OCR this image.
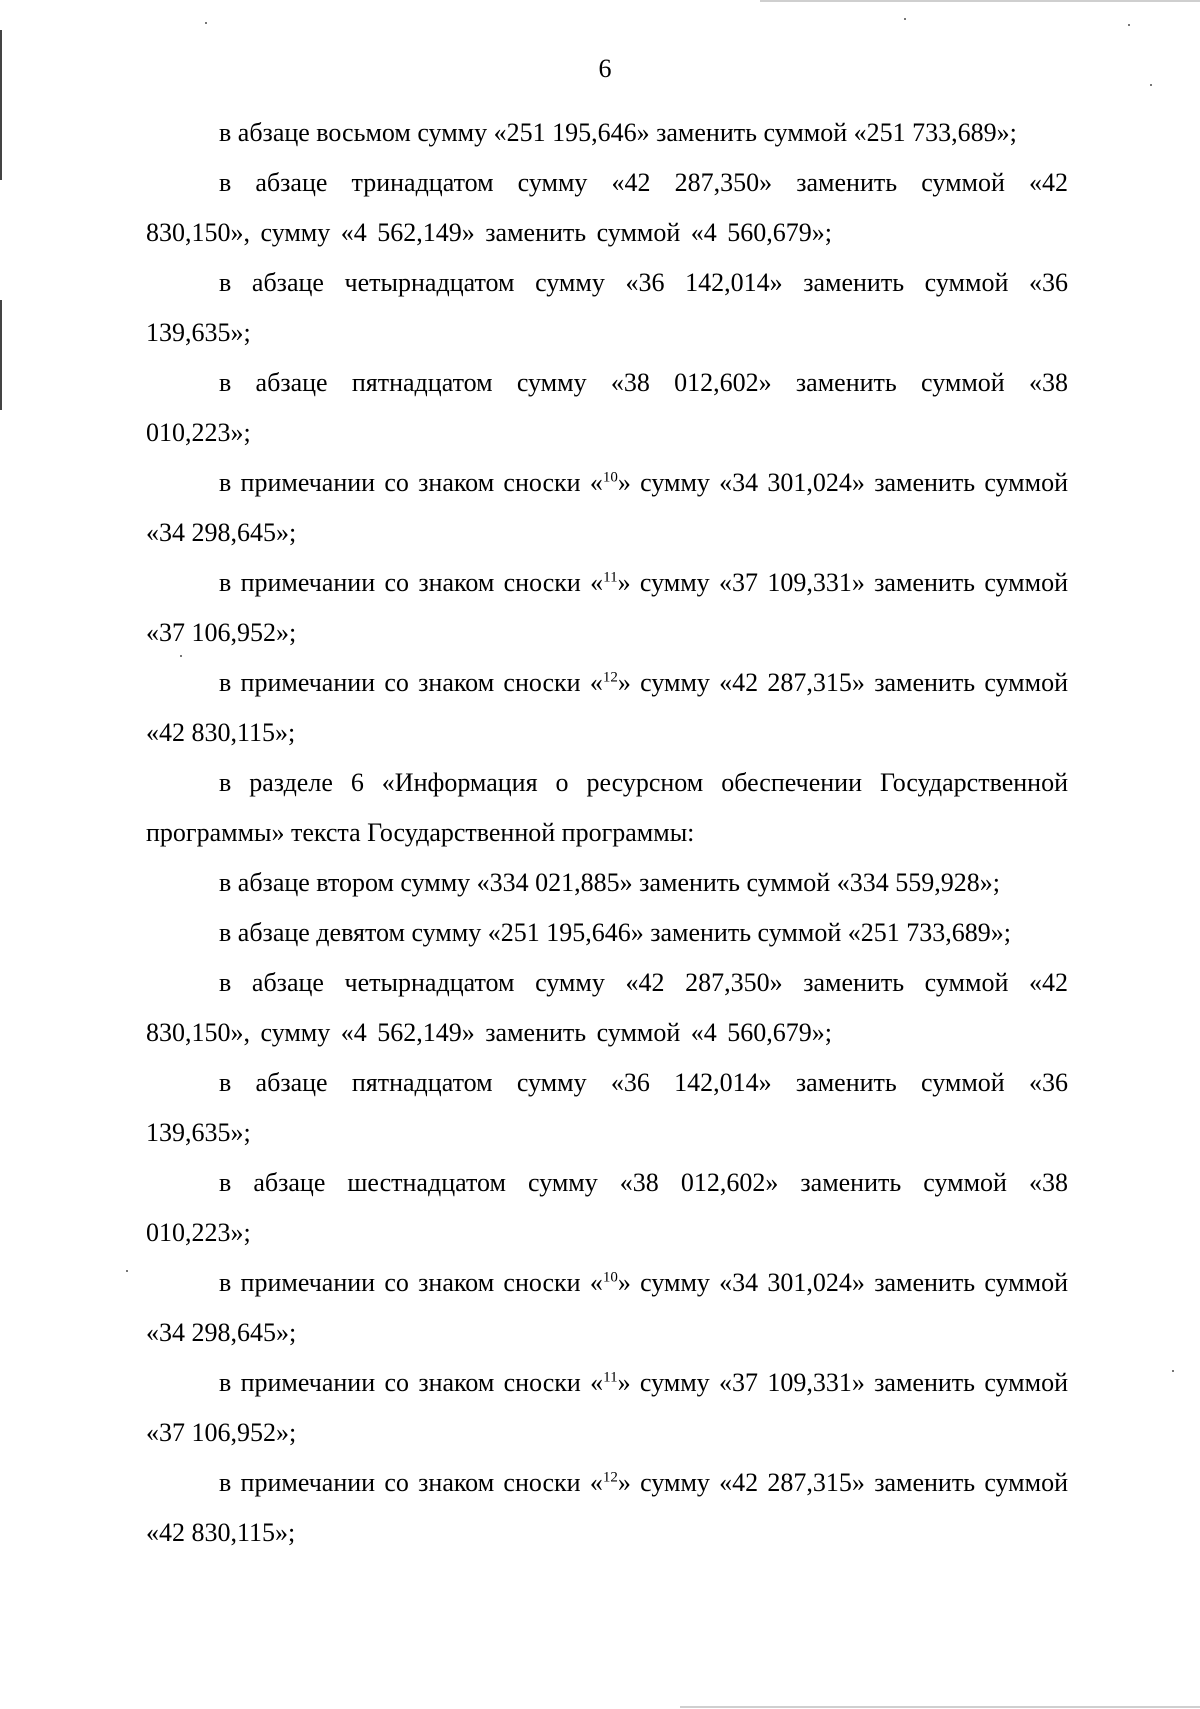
6

в абзаце восьмом сумму «251 195,646» заменить суммой «251 733,689»;

в абзаце тринадцатом сумму «42 287,350» заменить суммой «42 830,150», сумму «4 562,149» заменить суммой «4 560,679»;

в абзаце четырнадцатом сумму «36 142,014» заменить суммой «36 139,635»;

в абзаце пятнадцатом сумму «38 012,602» заменить суммой «38 010,223»;

в примечании со знаком сноски «$^{10}$» сумму «34 301,024» заменить суммой «34 298,645»;

в примечании со знаком сноски «$^{11}$» сумму «37 109,331» заменить суммой «37 106,952»;

в примечании со знаком сноски «$^{12}$» сумму «42 287,315» заменить суммой «42 830,115»;

в разделе 6 «Информация о ресурсном обеспечении Государственной программы» текста Государственной программы:

в абзаце втором сумму «334 021,885» заменить суммой «334 559,928»;

в абзаце девятом сумму «251 195,646» заменить суммой «251 733,689»;

в абзаце четырнадцатом сумму «42 287,350» заменить суммой «42 830,150», сумму «4 562,149» заменить суммой «4 560,679»;

в абзаце пятнадцатом сумму «36 142,014» заменить суммой «36 139,635»;

в абзаце шестнадцатом сумму «38 012,602» заменить суммой «38 010,223»;

в примечании со знаком сноски «$^{10}$» сумму «34 301,024» заменить суммой «34 298,645»;

в примечании со знаком сноски «$^{11}$» сумму «37 109,331» заменить суммой «37 106,952»;

в примечании со знаком сноски «$^{12}$» сумму «42 287,315» заменить суммой «42 830,115»;
